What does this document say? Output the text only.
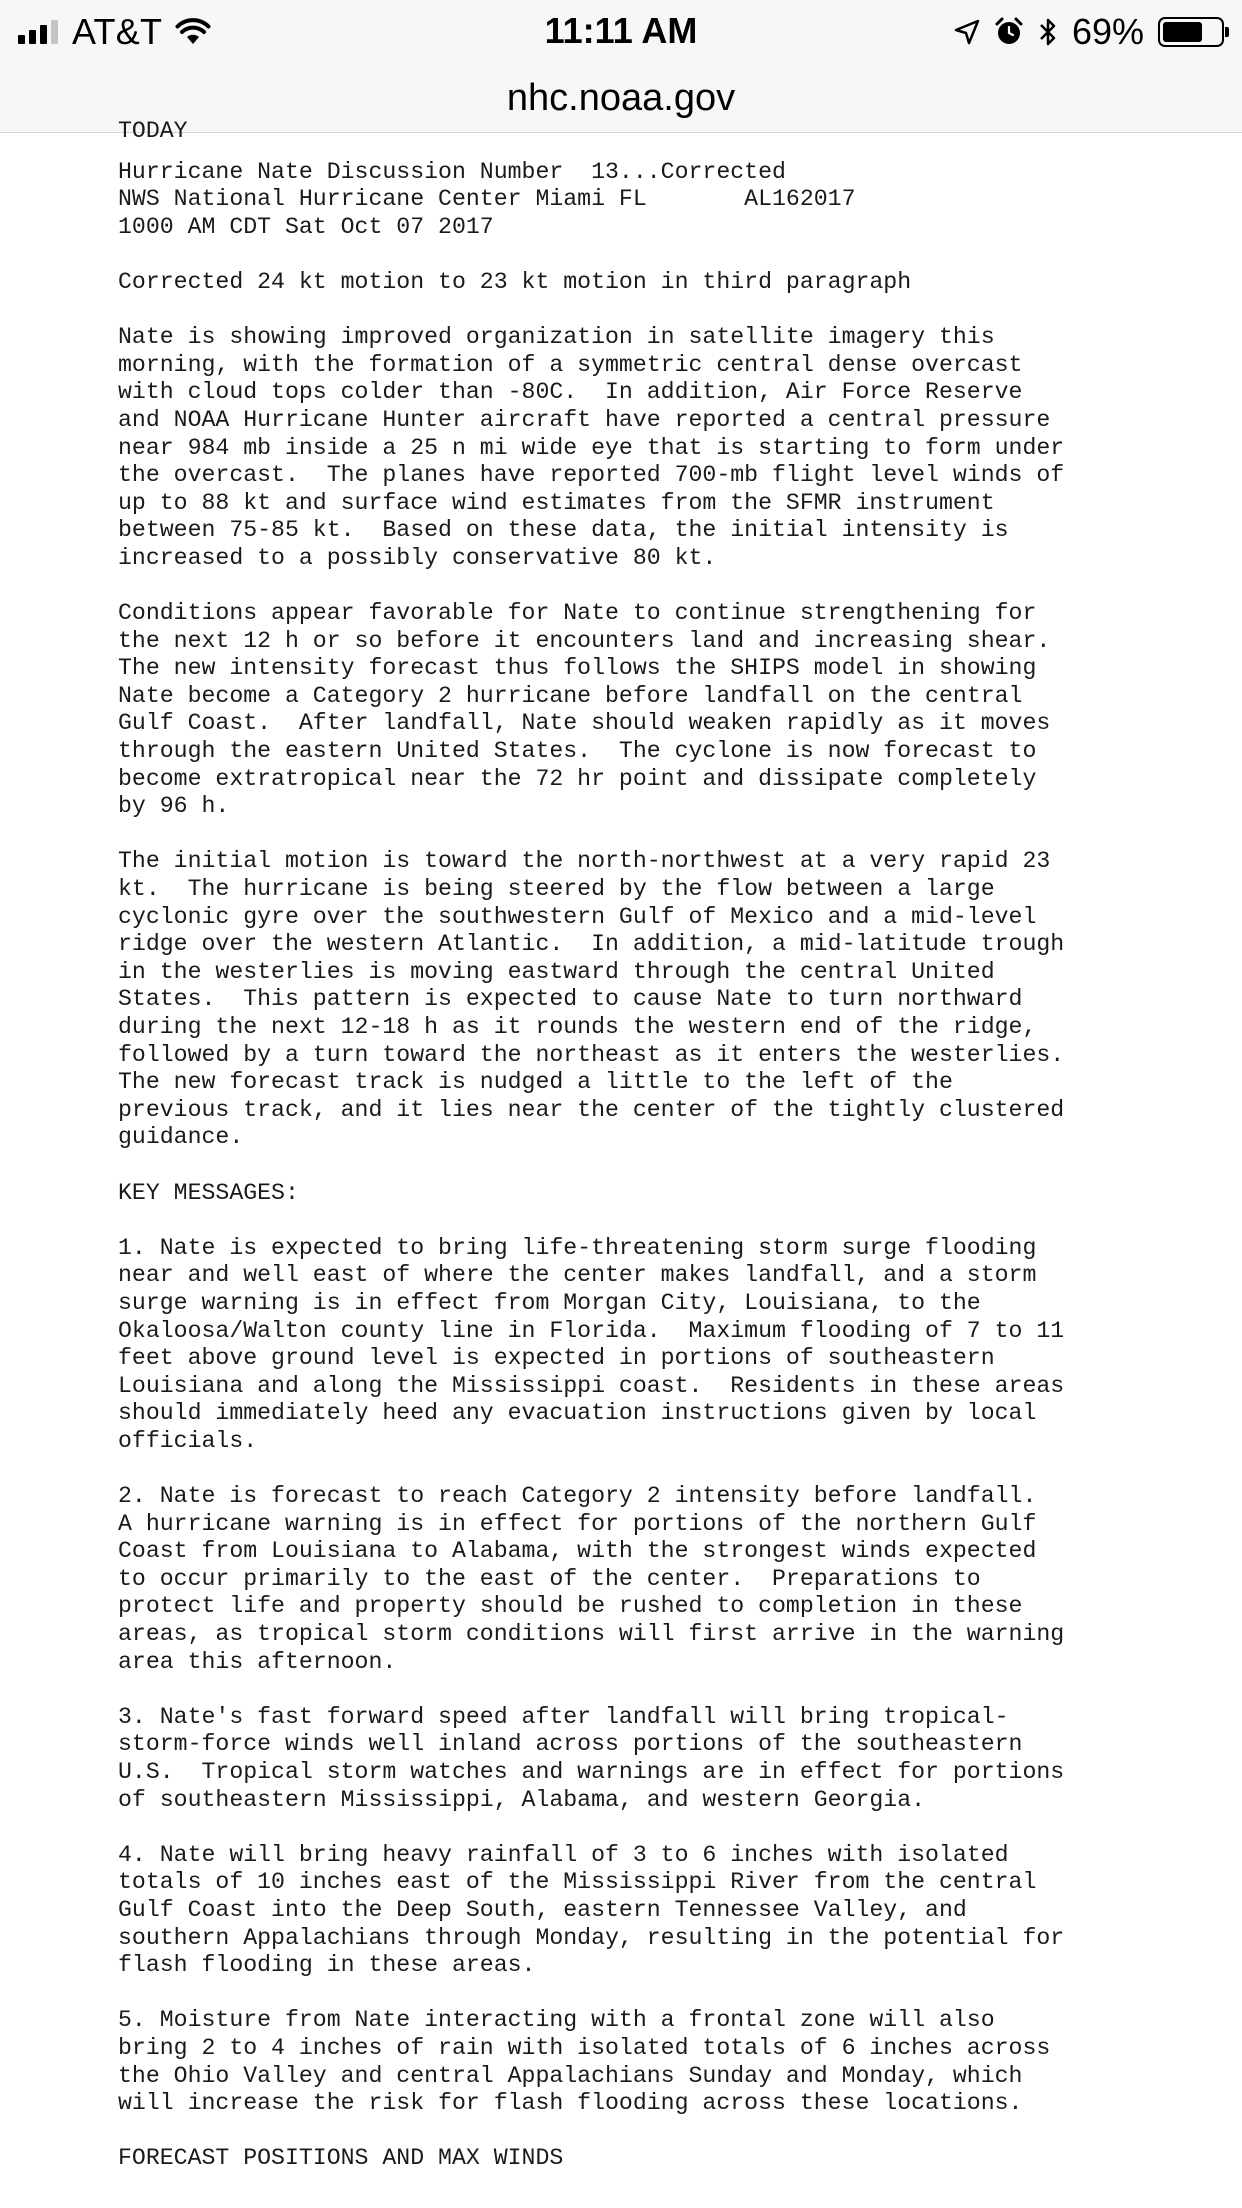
AT&T	11:11 AM	69%
nhc.noaa.gov
TODAY

Hurricane Nate Discussion Number  13...Corrected
NWS National Hurricane Center Miami FL       AL162017
1000 AM CDT Sat Oct 07 2017

Corrected 24 kt motion to 23 kt motion in third paragraph

Nate is showing improved organization in satellite imagery this
morning, with the formation of a symmetric central dense overcast
with cloud tops colder than -80C.  In addition, Air Force Reserve
and NOAA Hurricane Hunter aircraft have reported a central pressure
near 984 mb inside a 25 n mi wide eye that is starting to form under
the overcast.  The planes have reported 700-mb flight level winds of
up to 88 kt and surface wind estimates from the SFMR instrument
between 75-85 kt.  Based on these data, the initial intensity is
increased to a possibly conservative 80 kt.

Conditions appear favorable for Nate to continue strengthening for
the next 12 h or so before it encounters land and increasing shear.
The new intensity forecast thus follows the SHIPS model in showing
Nate become a Category 2 hurricane before landfall on the central
Gulf Coast.  After landfall, Nate should weaken rapidly as it moves
through the eastern United States.  The cyclone is now forecast to
become extratropical near the 72 hr point and dissipate completely
by 96 h.

The initial motion is toward the north-northwest at a very rapid 23
kt.  The hurricane is being steered by the flow between a large
cyclonic gyre over the southwestern Gulf of Mexico and a mid-level
ridge over the western Atlantic.  In addition, a mid-latitude trough
in the westerlies is moving eastward through the central United
States.  This pattern is expected to cause Nate to turn northward
during the next 12-18 h as it rounds the western end of the ridge,
followed by a turn toward the northeast as it enters the westerlies.
The new forecast track is nudged a little to the left of the
previous track, and it lies near the center of the tightly clustered
guidance.

KEY MESSAGES:

1. Nate is expected to bring life-threatening storm surge flooding
near and well east of where the center makes landfall, and a storm
surge warning is in effect from Morgan City, Louisiana, to the
Okaloosa/Walton county line in Florida.  Maximum flooding of 7 to 11
feet above ground level is expected in portions of southeastern
Louisiana and along the Mississippi coast.  Residents in these areas
should immediately heed any evacuation instructions given by local
officials.

2. Nate is forecast to reach Category 2 intensity before landfall.
A hurricane warning is in effect for portions of the northern Gulf
Coast from Louisiana to Alabama, with the strongest winds expected
to occur primarily to the east of the center.  Preparations to
protect life and property should be rushed to completion in these
areas, as tropical storm conditions will first arrive in the warning
area this afternoon.

3. Nate's fast forward speed after landfall will bring tropical-
storm-force winds well inland across portions of the southeastern
U.S.  Tropical storm watches and warnings are in effect for portions
of southeastern Mississippi, Alabama, and western Georgia.

4. Nate will bring heavy rainfall of 3 to 6 inches with isolated
totals of 10 inches east of the Mississippi River from the central
Gulf Coast into the Deep South, eastern Tennessee Valley, and
southern Appalachians through Monday, resulting in the potential for
flash flooding in these areas.

5. Moisture from Nate interacting with a frontal zone will also
bring 2 to 4 inches of rain with isolated totals of 6 inches across
the Ohio Valley and central Appalachians Sunday and Monday, which
will increase the risk for flash flooding across these locations.

FORECAST POSITIONS AND MAX WINDS
